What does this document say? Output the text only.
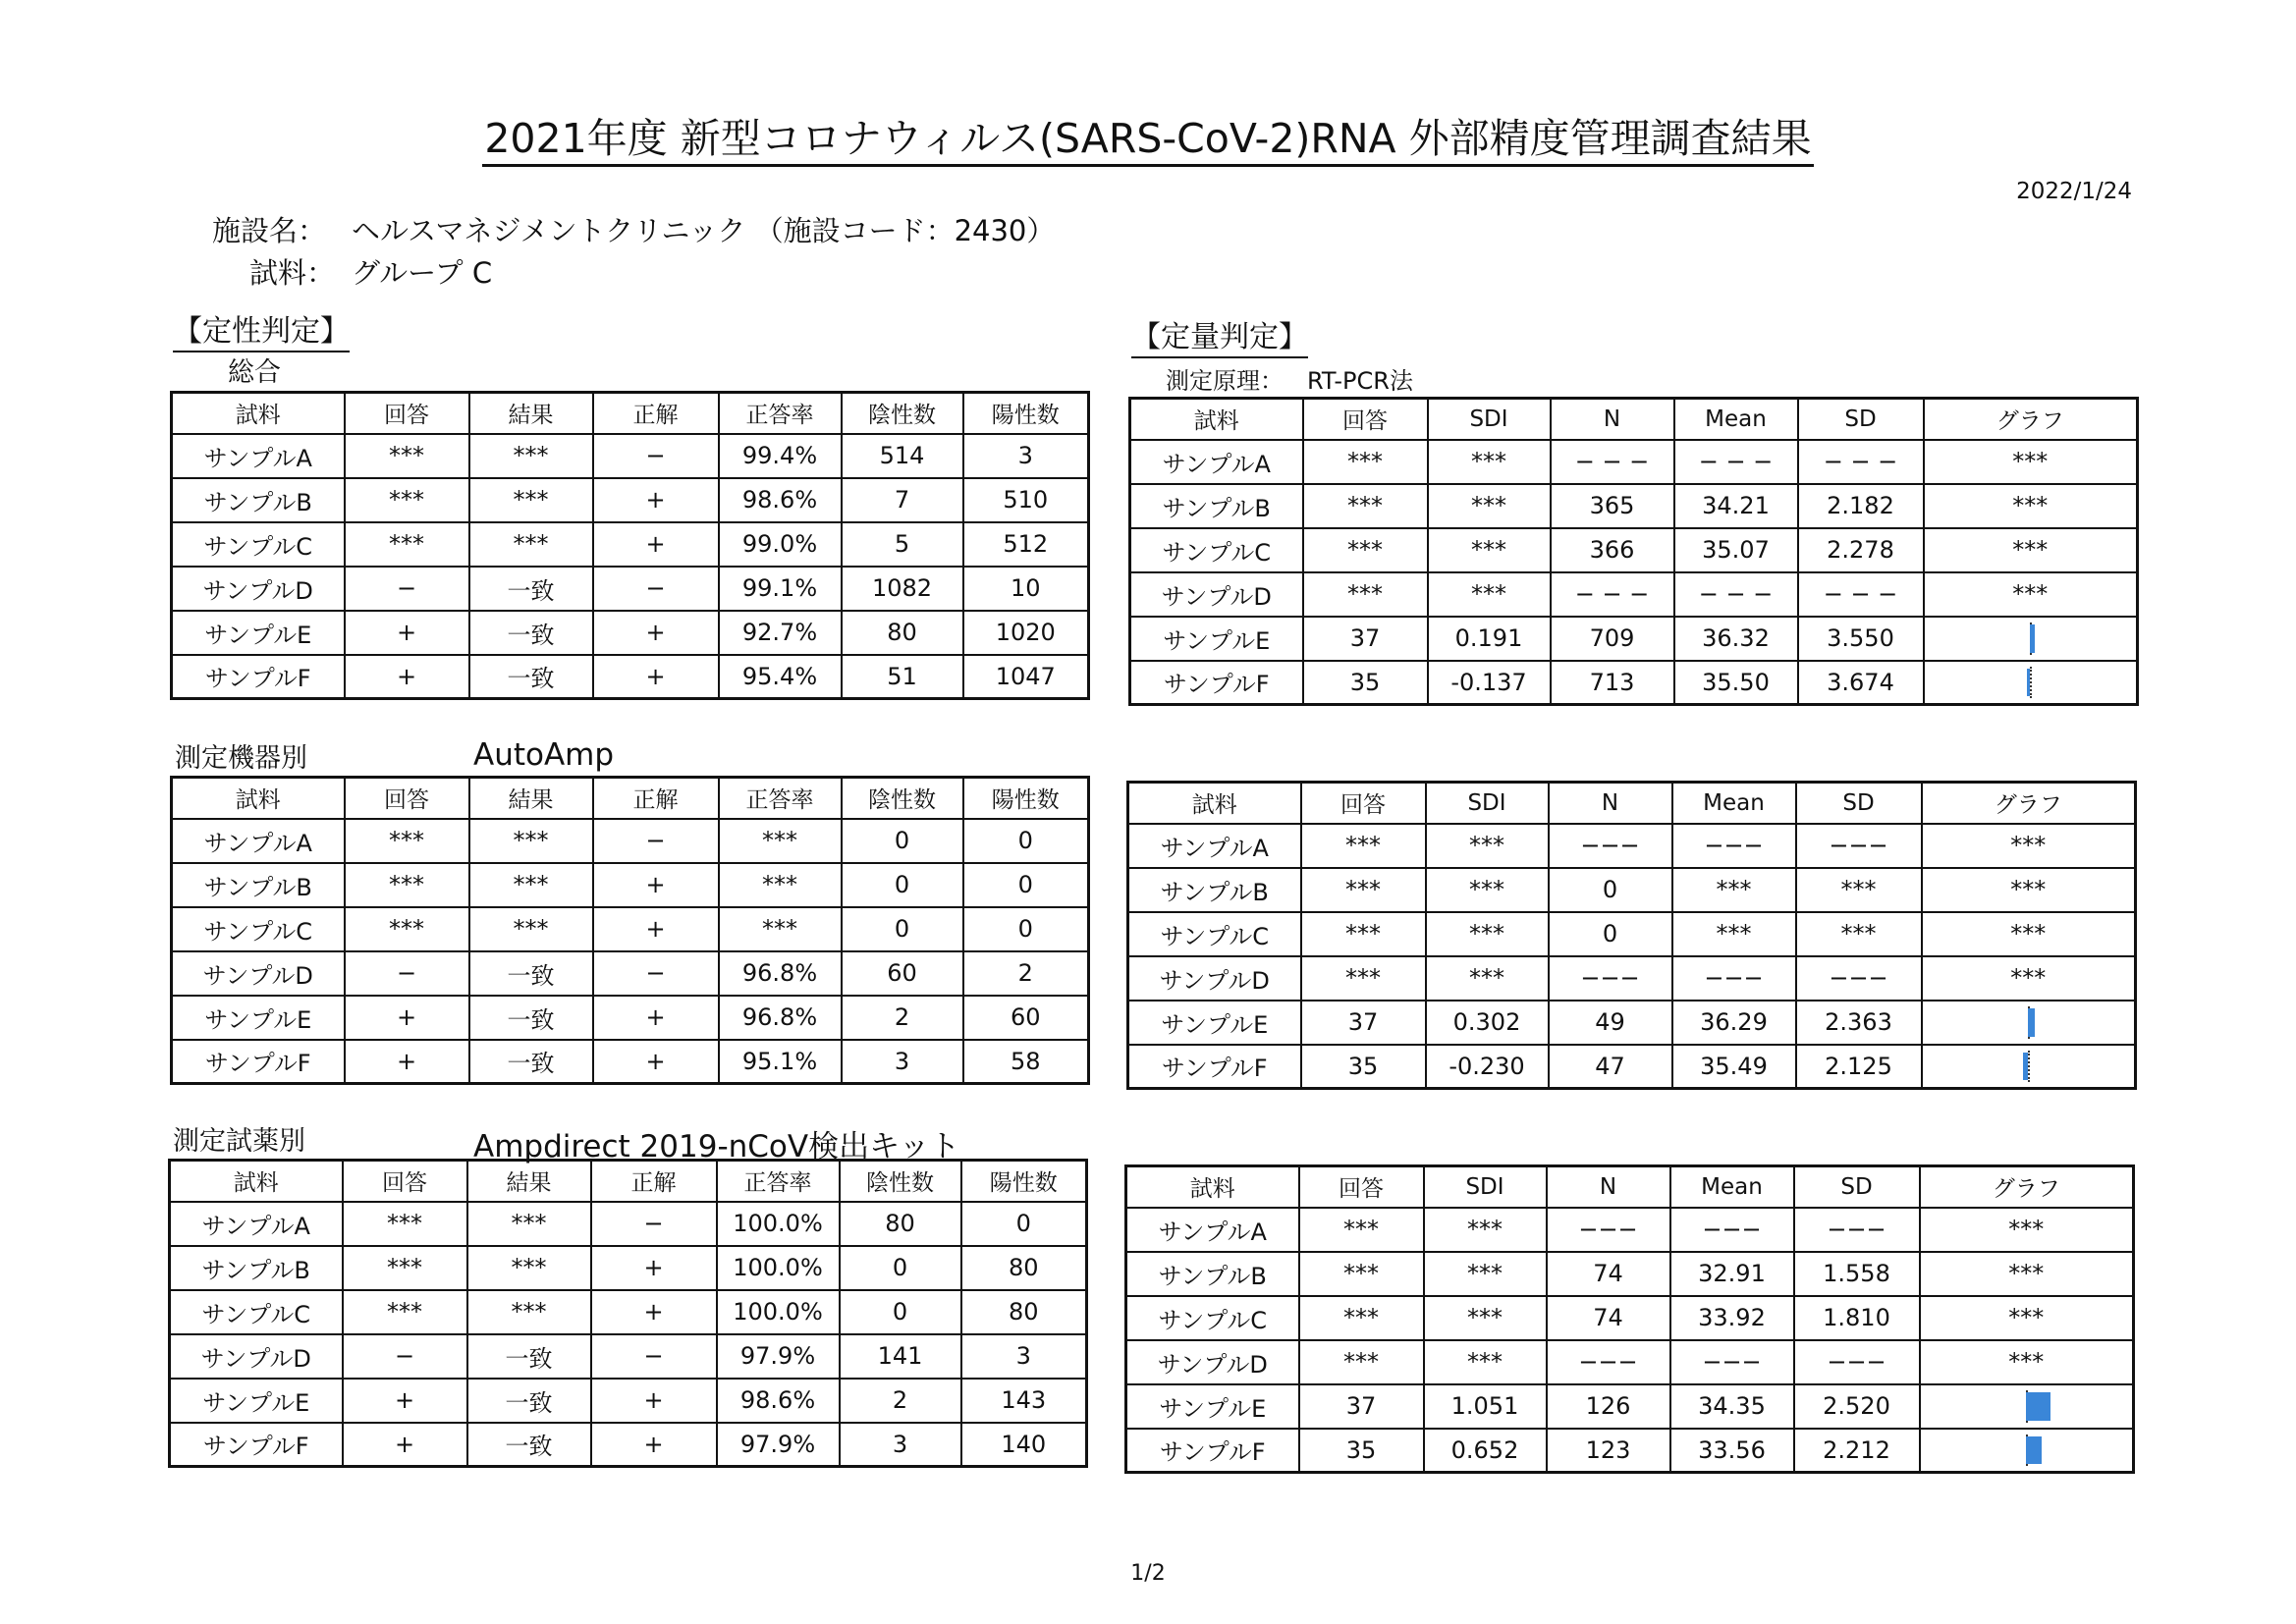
2021年度 新型コロナウィルス(SARS-CoV-2)RNA 外部精度管理調査結果
2022/1/24
施設名： ヘルスマネジメントクリニック （施設コード：2430）
試料： グループ C
【定性判定】
総合
【定量判定】
測定原理： RT-PCR法
測定機器別	AutoAmp
測定試薬別	Ampdirect 2019-nCoV検出キット
試料	回答	結果	正解	正答率	陰性数	陽性数
サンプルA	***	***	−	99.4%	514	3
サンプルB	***	***	+	98.6%	7	510
サンプルC	***	***	+	99.0%	5	512
サンプルD	−	一致	−	99.1%	1082	10
サンプルE	+	一致	+	92.7%	80	1020
サンプルF	+	一致	+	95.4%	51	1047
試料	回答	結果	正解	正答率	陰性数	陽性数
サンプルA	***	***	−	***	0	0
サンプルB	***	***	+	***	0	0
サンプルC	***	***	+	***	0	0
サンプルD	−	一致	−	96.8%	60	2
サンプルE	+	一致	+	96.8%	2	60
サンプルF	+	一致	+	95.1%	3	58
試料	回答	結果	正解	正答率	陰性数	陽性数
サンプルA	***	***	−	100.0%	80	0
サンプルB	***	***	+	100.0%	0	80
サンプルC	***	***	+	100.0%	0	80
サンプルD	−	一致	−	97.9%	141	3
サンプルE	+	一致	+	98.6%	2	143
サンプルF	+	一致	+	97.9%	3	140
試料	回答	SDI	N	Mean	SD	グラフ
サンプルA	***	***	− − −	− − −	− − −	***
サンプルB	***	***	365	34.21	2.182	***
サンプルC	***	***	366	35.07	2.278	***
サンプルD	***	***	− − −	− − −	− − −	***
サンプルE	37	0.191	709	36.32	3.550	

サンプルF	35	-0.137	713	35.50	3.674	
試料	回答	SDI	N	Mean	SD	グラフ
サンプルA	***	***	−−−	−−−	−−−	***
サンプルB	***	***	0	***	***	***
サンプルC	***	***	0	***	***	***
サンプルD	***	***	−−−	−−−	−−−	***
サンプルE	37	0.302	49	36.29	2.363	

サンプルF	35	-0.230	47	35.49	2.125	
試料	回答	SDI	N	Mean	SD	グラフ
サンプルA	***	***	−−−	−−−	−−−	***
サンプルB	***	***	74	32.91	1.558	***
サンプルC	***	***	74	33.92	1.810	***
サンプルD	***	***	−−−	−−−	−−−	***
サンプルE	37	1.051	126	34.35	2.520	

サンプルF	35	0.652	123	33.56	2.212	
1/2
